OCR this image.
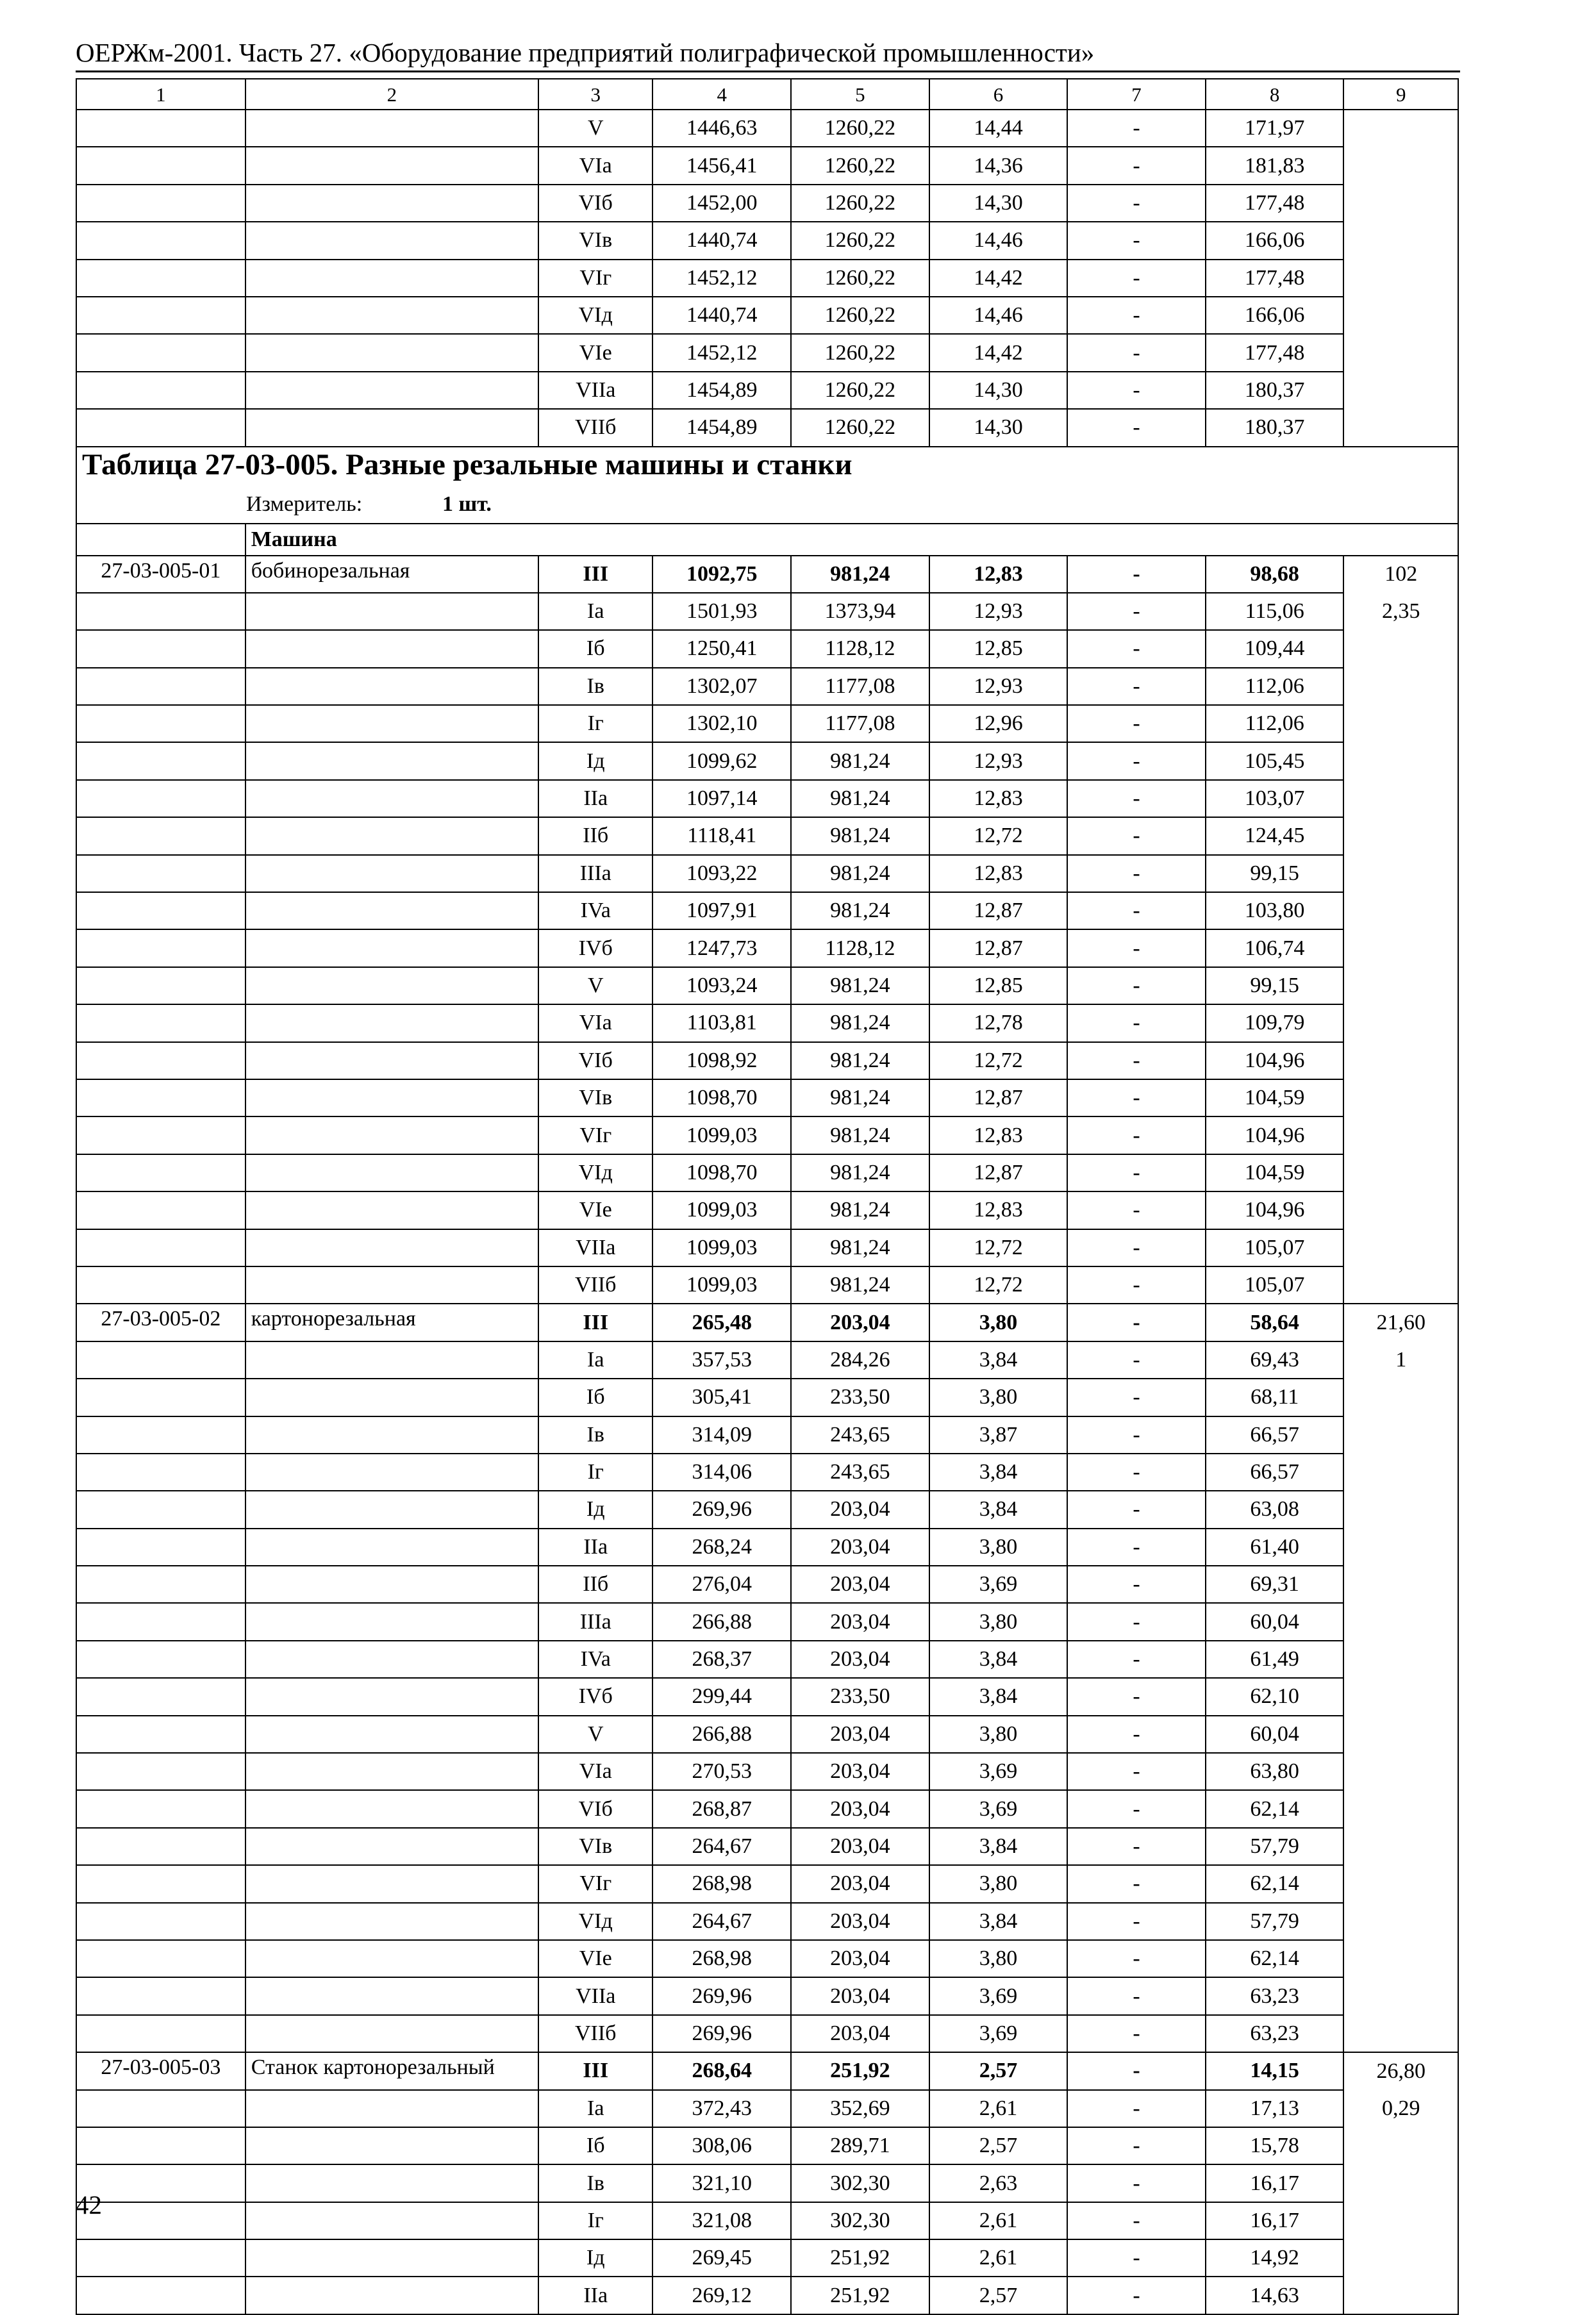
ОЕРЖм-2001. Часть 27. «Оборудование предприятий полиграфической промышленности»
1	2	3	4	5	6	7	8	9
		V	1446,63	1260,22	14,44	-	171,97	
		VIa	1456,41	1260,22	14,36	-	181,83	
		VIб	1452,00	1260,22	14,30	-	177,48	
		VIв	1440,74	1260,22	14,46	-	166,06	
		VIг	1452,12	1260,22	14,42	-	177,48	
		VIд	1440,74	1260,22	14,46	-	166,06	
		VIе	1452,12	1260,22	14,42	-	177,48	
		VIIa	1454,89	1260,22	14,30	-	180,37	
		VIIб	1454,89	1260,22	14,30	-	180,37	

Таблица 27-03-005. Разные резальные машины и станки
Измеритель: 1 шт.								

	Машина							
27-03-005-01	бобинорезальная	III	1092,75	981,24	12,83	-	98,68	102
		Ia	1501,93	1373,94	12,93	-	115,06	2,35
		Iб	1250,41	1128,12	12,85	-	109,44	
		Iв	1302,07	1177,08	12,93	-	112,06	
		Iг	1302,10	1177,08	12,96	-	112,06	
		Iд	1099,62	981,24	12,93	-	105,45	
		IIa	1097,14	981,24	12,83	-	103,07	
		IIб	1118,41	981,24	12,72	-	124,45	
		IIIa	1093,22	981,24	12,83	-	99,15	
		IVa	1097,91	981,24	12,87	-	103,80	
		IVб	1247,73	1128,12	12,87	-	106,74	
		V	1093,24	981,24	12,85	-	99,15	
		VIa	1103,81	981,24	12,78	-	109,79	
		VIб	1098,92	981,24	12,72	-	104,96	
		VIв	1098,70	981,24	12,87	-	104,59	
		VIг	1099,03	981,24	12,83	-	104,96	
		VIд	1098,70	981,24	12,87	-	104,59	
		VIе	1099,03	981,24	12,83	-	104,96	
		VIIa	1099,03	981,24	12,72	-	105,07	
		VIIб	1099,03	981,24	12,72	-	105,07	
27-03-005-02	картонорезальная	III	265,48	203,04	3,80	-	58,64	21,60
		Ia	357,53	284,26	3,84	-	69,43	1
		Iб	305,41	233,50	3,80	-	68,11	
		Iв	314,09	243,65	3,87	-	66,57	
		Iг	314,06	243,65	3,84	-	66,57	
		Iд	269,96	203,04	3,84	-	63,08	
		IIa	268,24	203,04	3,80	-	61,40	
		IIб	276,04	203,04	3,69	-	69,31	
		IIIa	266,88	203,04	3,80	-	60,04	
		IVa	268,37	203,04	3,84	-	61,49	
		IVб	299,44	233,50	3,84	-	62,10	
		V	266,88	203,04	3,80	-	60,04	
		VIa	270,53	203,04	3,69	-	63,80	
		VIб	268,87	203,04	3,69	-	62,14	
		VIв	264,67	203,04	3,84	-	57,79	
		VIг	268,98	203,04	3,80	-	62,14	
		VIд	264,67	203,04	3,84	-	57,79	
		VIе	268,98	203,04	3,80	-	62,14	
		VIIa	269,96	203,04	3,69	-	63,23	
		VIIб	269,96	203,04	3,69	-	63,23	
27-03-005-03	Станок картонорезальный	III	268,64	251,92	2,57	-	14,15	26,80
		Ia	372,43	352,69	2,61	-	17,13	0,29
		Iб	308,06	289,71	2,57	-	15,78	
		Iв	321,10	302,30	2,63	-	16,17	
		Iг	321,08	302,30	2,61	-	16,17	
		Iд	269,45	251,92	2,61	-	14,92	
		IIa	269,12	251,92	2,57	-	14,63	
42
